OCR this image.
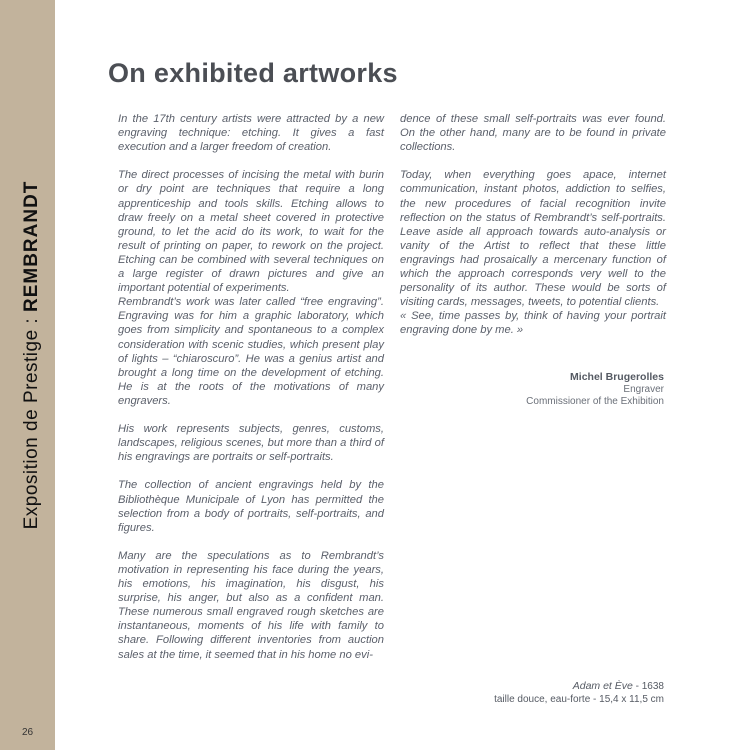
Exposition de Prestige : REMBRANDT
26
On exhibited artworks

In the 17th century artists were attracted by a new engraving technique: etching. It gives a fast execution and a larger freedom of creation.

The direct processes of incising the metal with burin or dry point are techniques that require a long apprenticeship and tools skills. Etching allows to draw freely on a metal sheet covered in protective ground, to let the acid do its work, to wait for the result of printing on paper, to rework on the project. Etching can be combined with several techniques on a large register of drawn pictures and give an important potential of experiments.

Rembrandt’s work was later called “free engraving”. Engraving was for him a graphic laboratory, which goes from simplicity and spontaneous to a complex consideration with scenic studies, which present play of lights – “chiaroscuro”. He was a genius artist and brought a long time on the development of etching. He is at the roots of the motivations of many engravers.

His work represents subjects, genres, customs, landscapes, religious scenes, but more than a third of his engravings are portraits or self-portraits.

The collection of ancient engravings held by the Bibliothèque Municipale of Lyon has permitted the selection from a body of portraits, self-portraits, and figures.

Many are the speculations as to Rembrandt’s motivation in representing his face during the years, his emotions, his imagination, his disgust, his surprise, his anger, but also as a confident man. These numerous small engraved rough sketches are instantaneous, moments of his life with family to share. Following different inventories from auction sales at the time, it seemed that in his home no evi-

dence of these small self-portraits was ever found. On the other hand, many are to be found in private collections.

Today, when everything goes apace, internet communication, instant photos, addiction to selfies, the new procedures of facial recognition invite reflection on the status of Rembrandt’s self-portraits. Leave aside all approach towards auto-analysis or vanity of the Artist to reflect that these little engravings had prosaically a mercenary function of which the approach corresponds very well to the personality of its author. These would be sorts of visiting cards, messages, tweets, to potential clients.

« See, time passes by, think of having your portrait engraving done by me. »

Michel Brugerolles
Engraver
Commissioner of the Exhibition
Adam et Ève - 1638
taille douce, eau-forte - 15,4 x 11,5 cm
